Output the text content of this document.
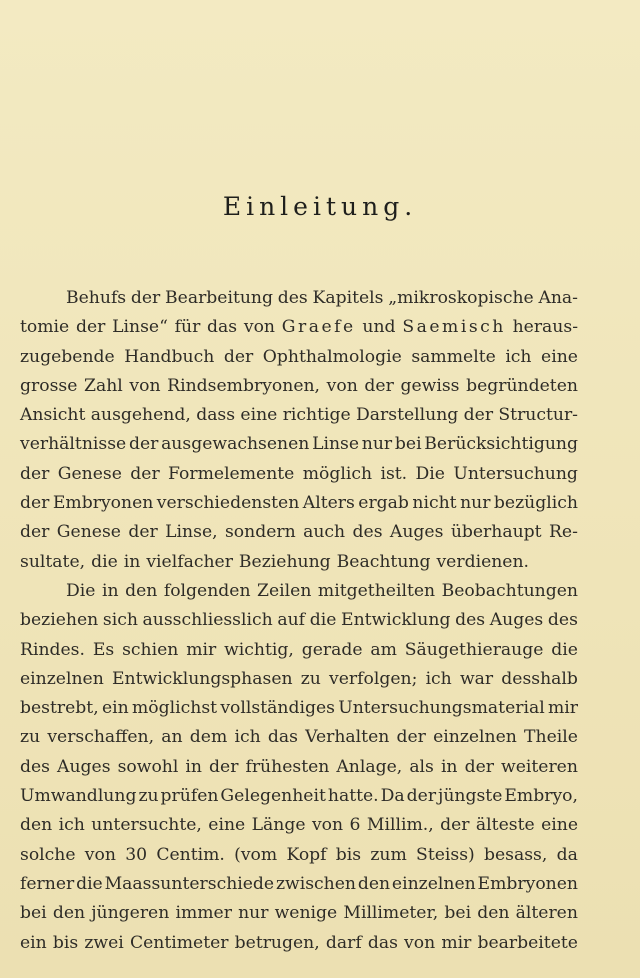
Einleitung.
Behufs der Bearbeitung des Kapitels „mikroskopische Ana-
tomie der Linse“ für das von Graefe und Saemisch heraus-
zugebende Handbuch der Ophthalmologie sammelte ich eine
grosse Zahl von Rindsembryonen, von der gewiss begründeten
Ansicht ausgehend, dass eine richtige Darstellung der Structur-
verhältnisse der ausgewachsenen Linse nur bei Berücksichtigung
der Genese der Formelemente möglich ist. Die Untersuchung
der Embryonen verschiedensten Alters ergab nicht nur bezüglich
der Genese der Linse, sondern auch des Auges überhaupt Re-
sultate, die in vielfacher Beziehung Beachtung verdienen.
Die in den folgenden Zeilen mitgetheilten Beobachtungen
beziehen sich ausschliesslich auf die Entwicklung des Auges des
Rindes. Es schien mir wichtig, gerade am Säugethierauge die
einzelnen Entwicklungsphasen zu verfolgen; ich war desshalb
bestrebt, ein möglichst vollständiges Untersuchungsmaterial mir
zu verschaffen, an dem ich das Verhalten der einzelnen Theile
des Auges sowohl in der frühesten Anlage, als in der weiteren
Umwandlung zu prüfen Gelegenheit hatte. Da der jüngste Embryo,
den ich untersuchte, eine Länge von 6 Millim., der älteste eine
solche von 30 Centim. (vom Kopf bis zum Steiss) besass, da
ferner die Maassunterschiede zwischen den einzelnen Embryonen
bei den jüngeren immer nur wenige Millimeter, bei den älteren
ein bis zwei Centimeter betrugen, darf das von mir bearbeitete
